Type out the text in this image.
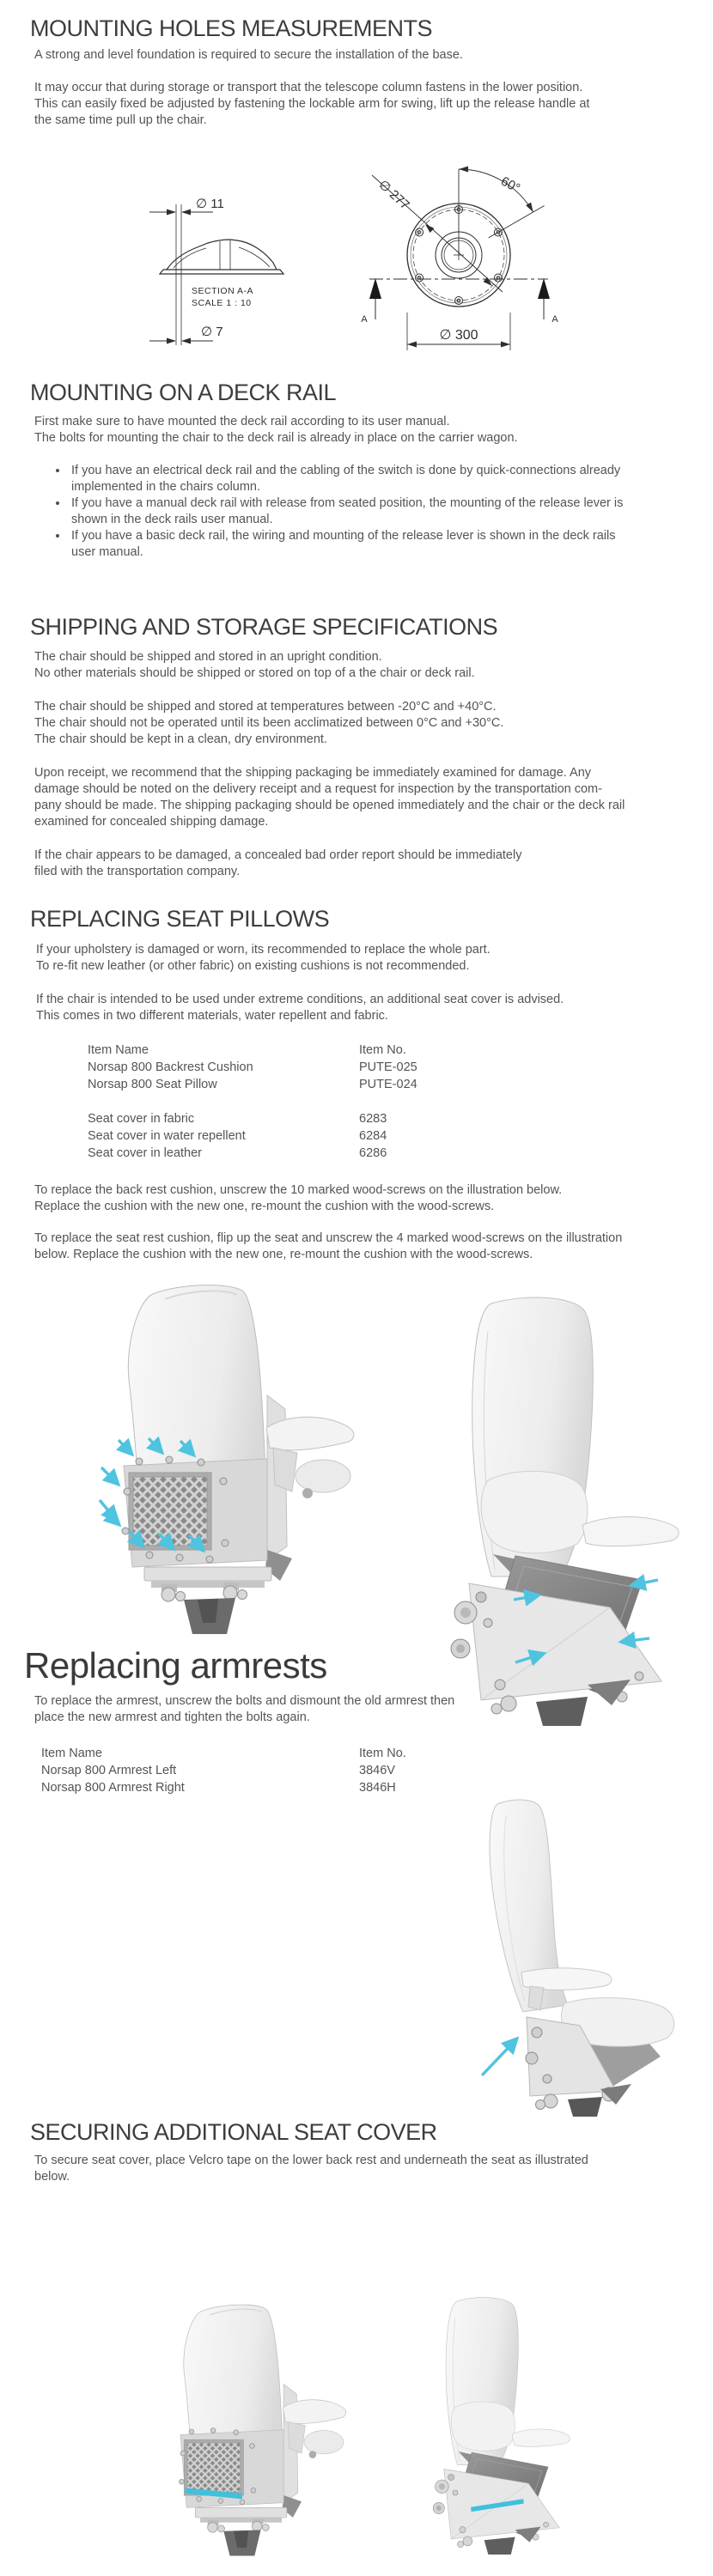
MOUNTING HOLES MEASUREMENTS
A strong and level foundation is required to secure the installation of the base.
It may occur that during storage or transport that the telescope column fastens in the lower position.
This can easily fixed be adjusted by fastening the lockable arm for swing, lift up the release handle at
the same time pull up the chair.
∅ 11
∅ 7
SECTION A-A
SCALE 1 : 10
∅ 277	60°
A	A
∅ 300
MOUNTING ON A DECK RAIL
First make sure to have mounted the deck rail according to its user manual.
The bolts for mounting the chair to the deck rail is already in place on the carrier wagon.
If you have an electrical deck rail and the cabling of the switch is done by quick-connections already
implemented in the chairs column.
If you have a manual deck rail with release from seated position, the mounting of the release lever is
shown in the deck rails user manual.
If you have a basic deck rail, the wiring and mounting of the release lever is shown in the deck rails
user manual.
SHIPPING AND STORAGE SPECIFICATIONS
The chair should be shipped and stored in an upright condition.
No other materials should be shipped or stored on top of a the chair or deck rail.
The chair should be shipped and stored at temperatures between -20°C and +40°C.
The chair should not be operated until its been acclimatized between 0°C and +30°C.
The chair should be kept in a clean, dry environment.
Upon receipt, we recommend that the shipping packaging be immediately examined for damage. Any
damage should be noted on the delivery receipt and a request for inspection by the transportation com-
pany should be made. The shipping packaging should be opened immediately and the chair or the deck rail
examined for concealed shipping damage.
If the chair appears to be damaged, a concealed bad order report should be immediately
filed with the transportation company.
REPLACING SEAT PILLOWS
If your upholstery is damaged or worn, its recommended to replace the whole part.
To re-fit new leather (or other fabric) on existing cushions is not recommended.
If the chair is intended to be used under extreme conditions, an additional seat cover is advised.
This comes in two different materials, water repellent and fabric.
Item Name	Item No.
Norsap 800 Backrest Cushion	PUTE-025
Norsap 800 Seat Pillow	PUTE-024
Seat cover in fabric	6283
Seat cover in water repellent	6284
Seat cover in leather	6286
To replace the back rest cushion, unscrew the 10 marked wood-screws on the illustration below.
Replace the cushion with the new one, re-mount the cushion with the wood-screws.
To replace the seat rest cushion, flip up the seat and unscrew the 4 marked wood-screws on the illustration
below. Replace the cushion with the new one, re-mount the cushion with the wood-screws.
Replacing armrests
To replace the armrest, unscrew the bolts and dismount the old armrest then
place the new armrest and tighten the bolts again.
Item Name	Item No.
Norsap 800 Armrest Left	3846V
Norsap 800 Armrest Right	3846H
SECURING ADDITIONAL SEAT COVER
To secure seat cover, place Velcro tape on the lower back rest and underneath the seat as illustrated
below.
